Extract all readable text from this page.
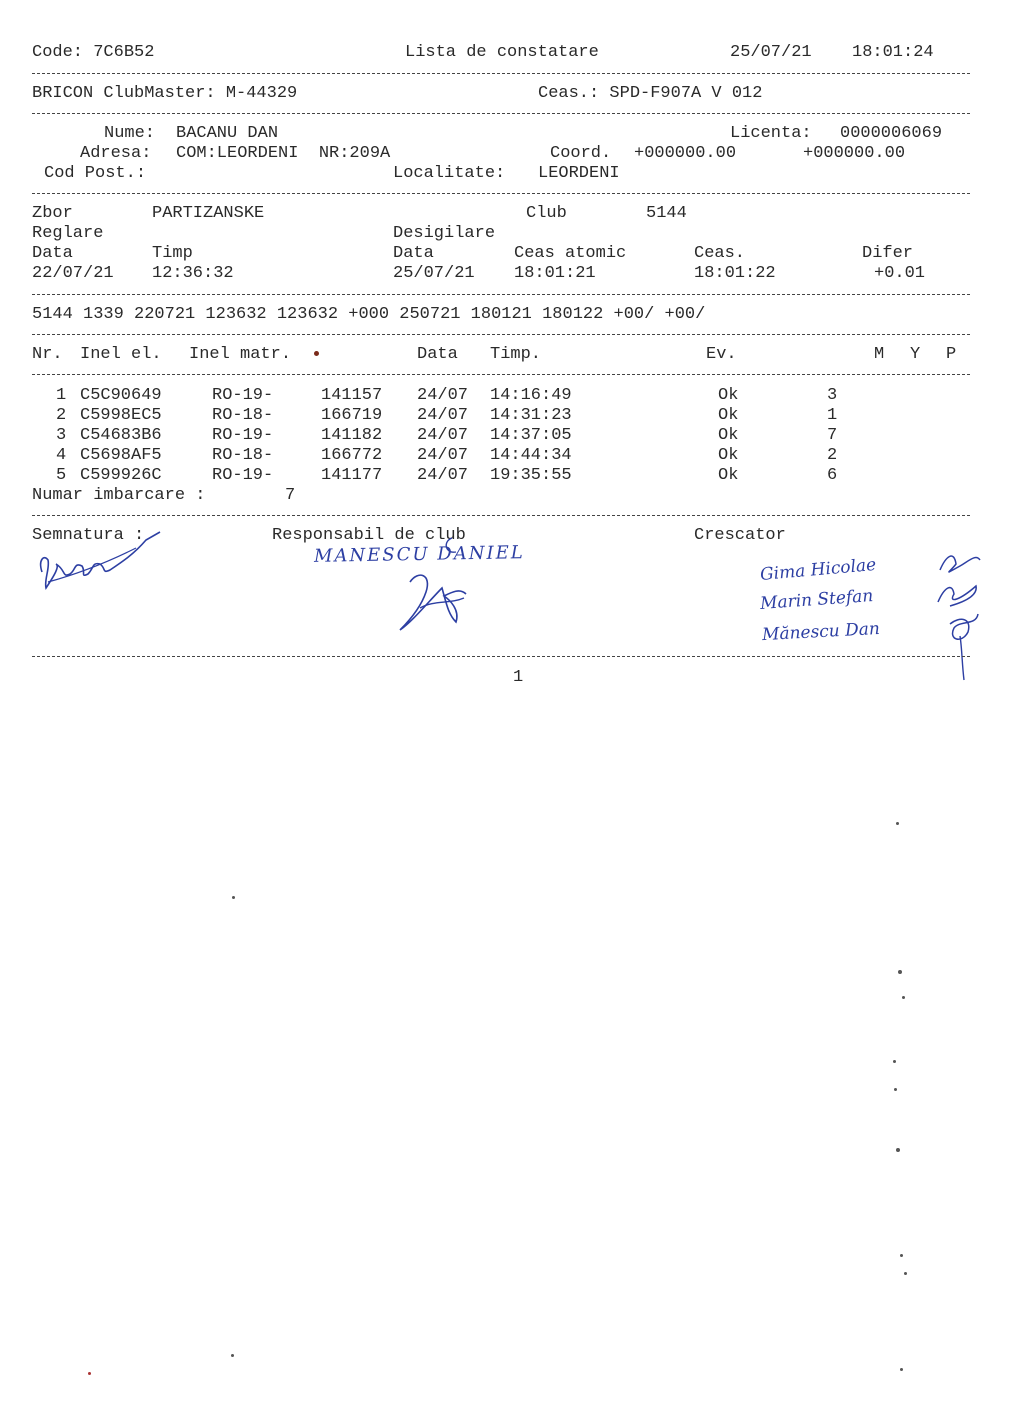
Code: 7C6B52	Lista de constatare	25/07/21 18:01:24
BRICON ClubMaster: M-44329	Ceas.: SPD-F907A V 012
Nume: BACANU DAN	Licenta: 0000006069
Adresa: COM:LEORDENI  NR:209A	Coord. +000000.00	+000000.00
Cod Post.:	Localitate: LEORDENI
Zbor	PARTIZANSKE	Club	5144
Reglare	Desigilare
Data	Timp	Data	Ceas atomic	Ceas.	Difer
22/07/21 12:36:32	25/07/21 18:01:21	18:01:22	+0.01
5144 1339 220721 123632 123632 +000 250721 180121 180122 +00/ +00/
Nr. Inel el. Inel matr.	Data Timp.	Ev.	M Y P
1 C5C90649	RO-19-	141157 24/07 14:16:49	Ok	3
2 C5998EC5	RO-18-	166719 24/07 14:31:23	Ok	1
3 C54683B6	RO-19-	141182 24/07 14:37:05	Ok	7
4 C5698AF5	RO-18-	166772 24/07 14:44:34	Ok	2
5 C599926C	RO-19-	141177 24/07 19:35:55	Ok	6
Numar imbarcare :	7
Semnatura :	Responsabil de club	Crescator
MANESCU DANIEL
Gima Hicolae
Marin Stefan
Mănescu Dan
1
